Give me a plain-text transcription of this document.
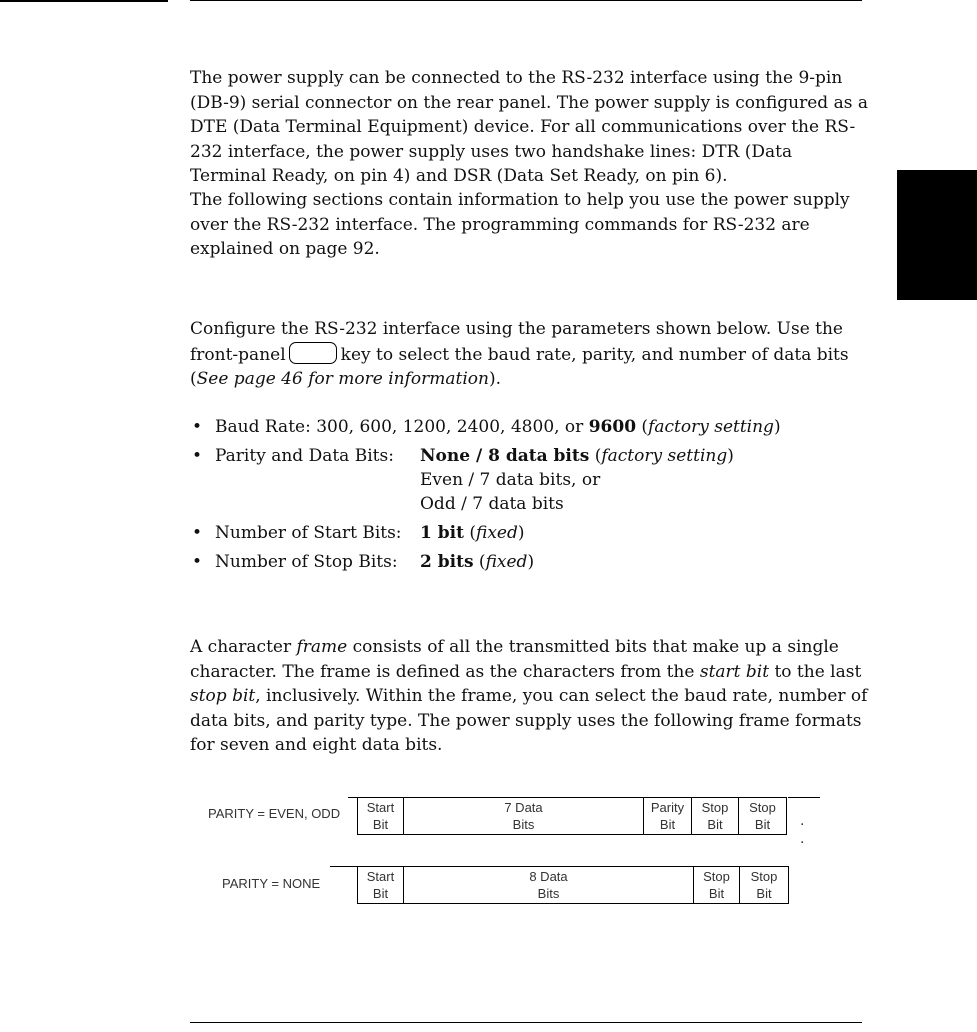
The power supply can be connected to the RS-232 interface using the 9-pin (DB-9) serial connector on the rear panel. The power supply is configured as a DTE (Data Terminal Equipment) device. For all communications over the RS-232 interface, the power supply uses two handshake lines: DTR (Data Terminal Ready, on pin 4) and DSR (Data Set Ready, on pin 6).

The following sections contain information to help you use the power supply over the RS-232 interface. The programming commands for RS-232 are explained on page 92.

Configure the RS-232 interface using the parameters shown below. Use the
front-panel	key to select the baud rate, parity, and number of data bits
(See page 46 for more information).

• Baud Rate: 300, 600, 1200, 2400, 4800, or 9600 (factory setting)
• Parity and Data Bits:	None / 8 data bits (factory setting)
Even / 7 data bits, or
Odd / 7 data bits
• Number of Start Bits:	1 bit (fixed)
• Number of Stop Bits:	2 bits (fixed)

A character frame consists of all the transmitted bits that make up a single character. The frame is defined as the characters from the start bit to the last stop bit, inclusively. Within the frame, you can select the baud rate, number of data bits, and parity type. The power supply uses the following frame formats for seven and eight data bits.

PARITY = EVEN, ODD	Start
Bit
7 Data
Bits
Parity
Bit
Stop
Bit
Stop
Bit	. .
PARITY = NONE	Start
Bit
8 Data
Bits
Stop
Bit
Stop
Bit
